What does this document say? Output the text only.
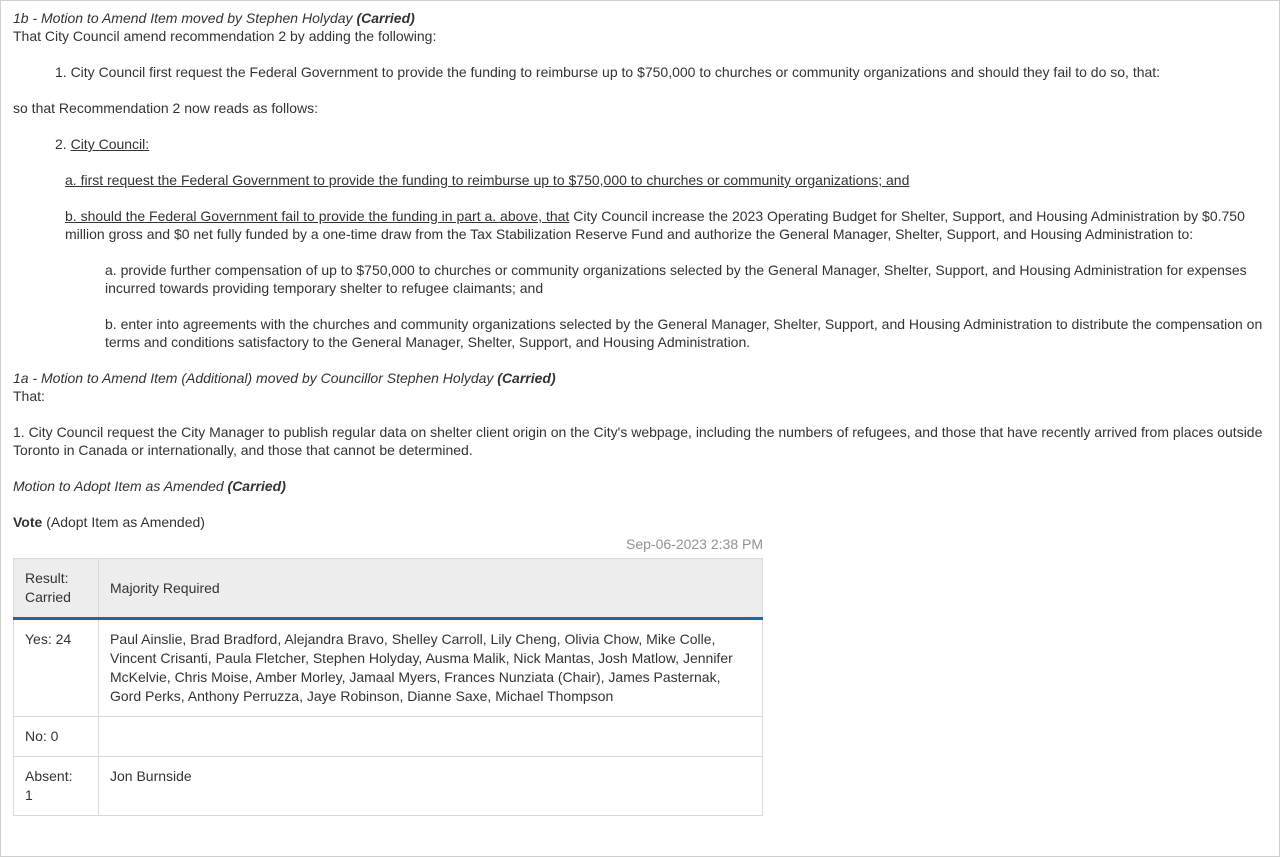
1b - Motion to Amend Item moved by Stephen Holyday (Carried)
That City Council amend recommendation 2 by adding the following:

1. City Council first request the Federal Government to provide the funding to reimburse up to $750,000 to churches or community organizations and should they fail to do so, that:

so that Recommendation 2 now reads as follows:

2. City Council:

a. first request the Federal Government to provide the funding to reimburse up to $750,000 to churches or community organizations; and

b. should the Federal Government fail to provide the funding in part a. above, that City Council increase the 2023 Operating Budget for Shelter, Support, and Housing Administration by $0.750 million gross and $0 net fully funded by a one-time draw from the Tax Stabilization Reserve Fund and authorize the General Manager, Shelter, Support, and Housing Administration to:

a. provide further compensation of up to $750,000 to churches or community organizations selected by the General Manager, Shelter, Support, and Housing Administration for expenses incurred towards providing temporary shelter to refugee claimants; and

b. enter into agreements with the churches and community organizations selected by the General Manager, Shelter, Support, and Housing Administration to distribute the compensation on terms and conditions satisfactory to the General Manager, Shelter, Support, and Housing Administration.

1a - Motion to Amend Item (Additional) moved by Councillor Stephen Holyday (Carried)
That:

1. City Council request the City Manager to publish regular data on shelter client origin on the City's webpage, including the numbers of refugees, and those that have recently arrived from places outside Toronto in Canada or internationally, and those that cannot be determined.

Motion to Adopt Item as Amended (Carried)

Vote (Adopt Item as Amended)

Sep-06-2023 2:38 PM
Result: Carried	Majority Required
Yes: 24	Paul Ainslie, Brad Bradford, Alejandra Bravo, Shelley Carroll, Lily Cheng, Olivia Chow, Mike Colle, Vincent Crisanti, Paula Fletcher, Stephen Holyday, Ausma Malik, Nick Mantas, Josh Matlow, Jennifer McKelvie, Chris Moise, Amber Morley, Jamaal Myers, Frances Nunziata (Chair), James Pasternak, Gord Perks, Anthony Perruzza, Jaye Robinson, Dianne Saxe, Michael Thompson
No: 0	
Absent: 1	Jon Burnside
